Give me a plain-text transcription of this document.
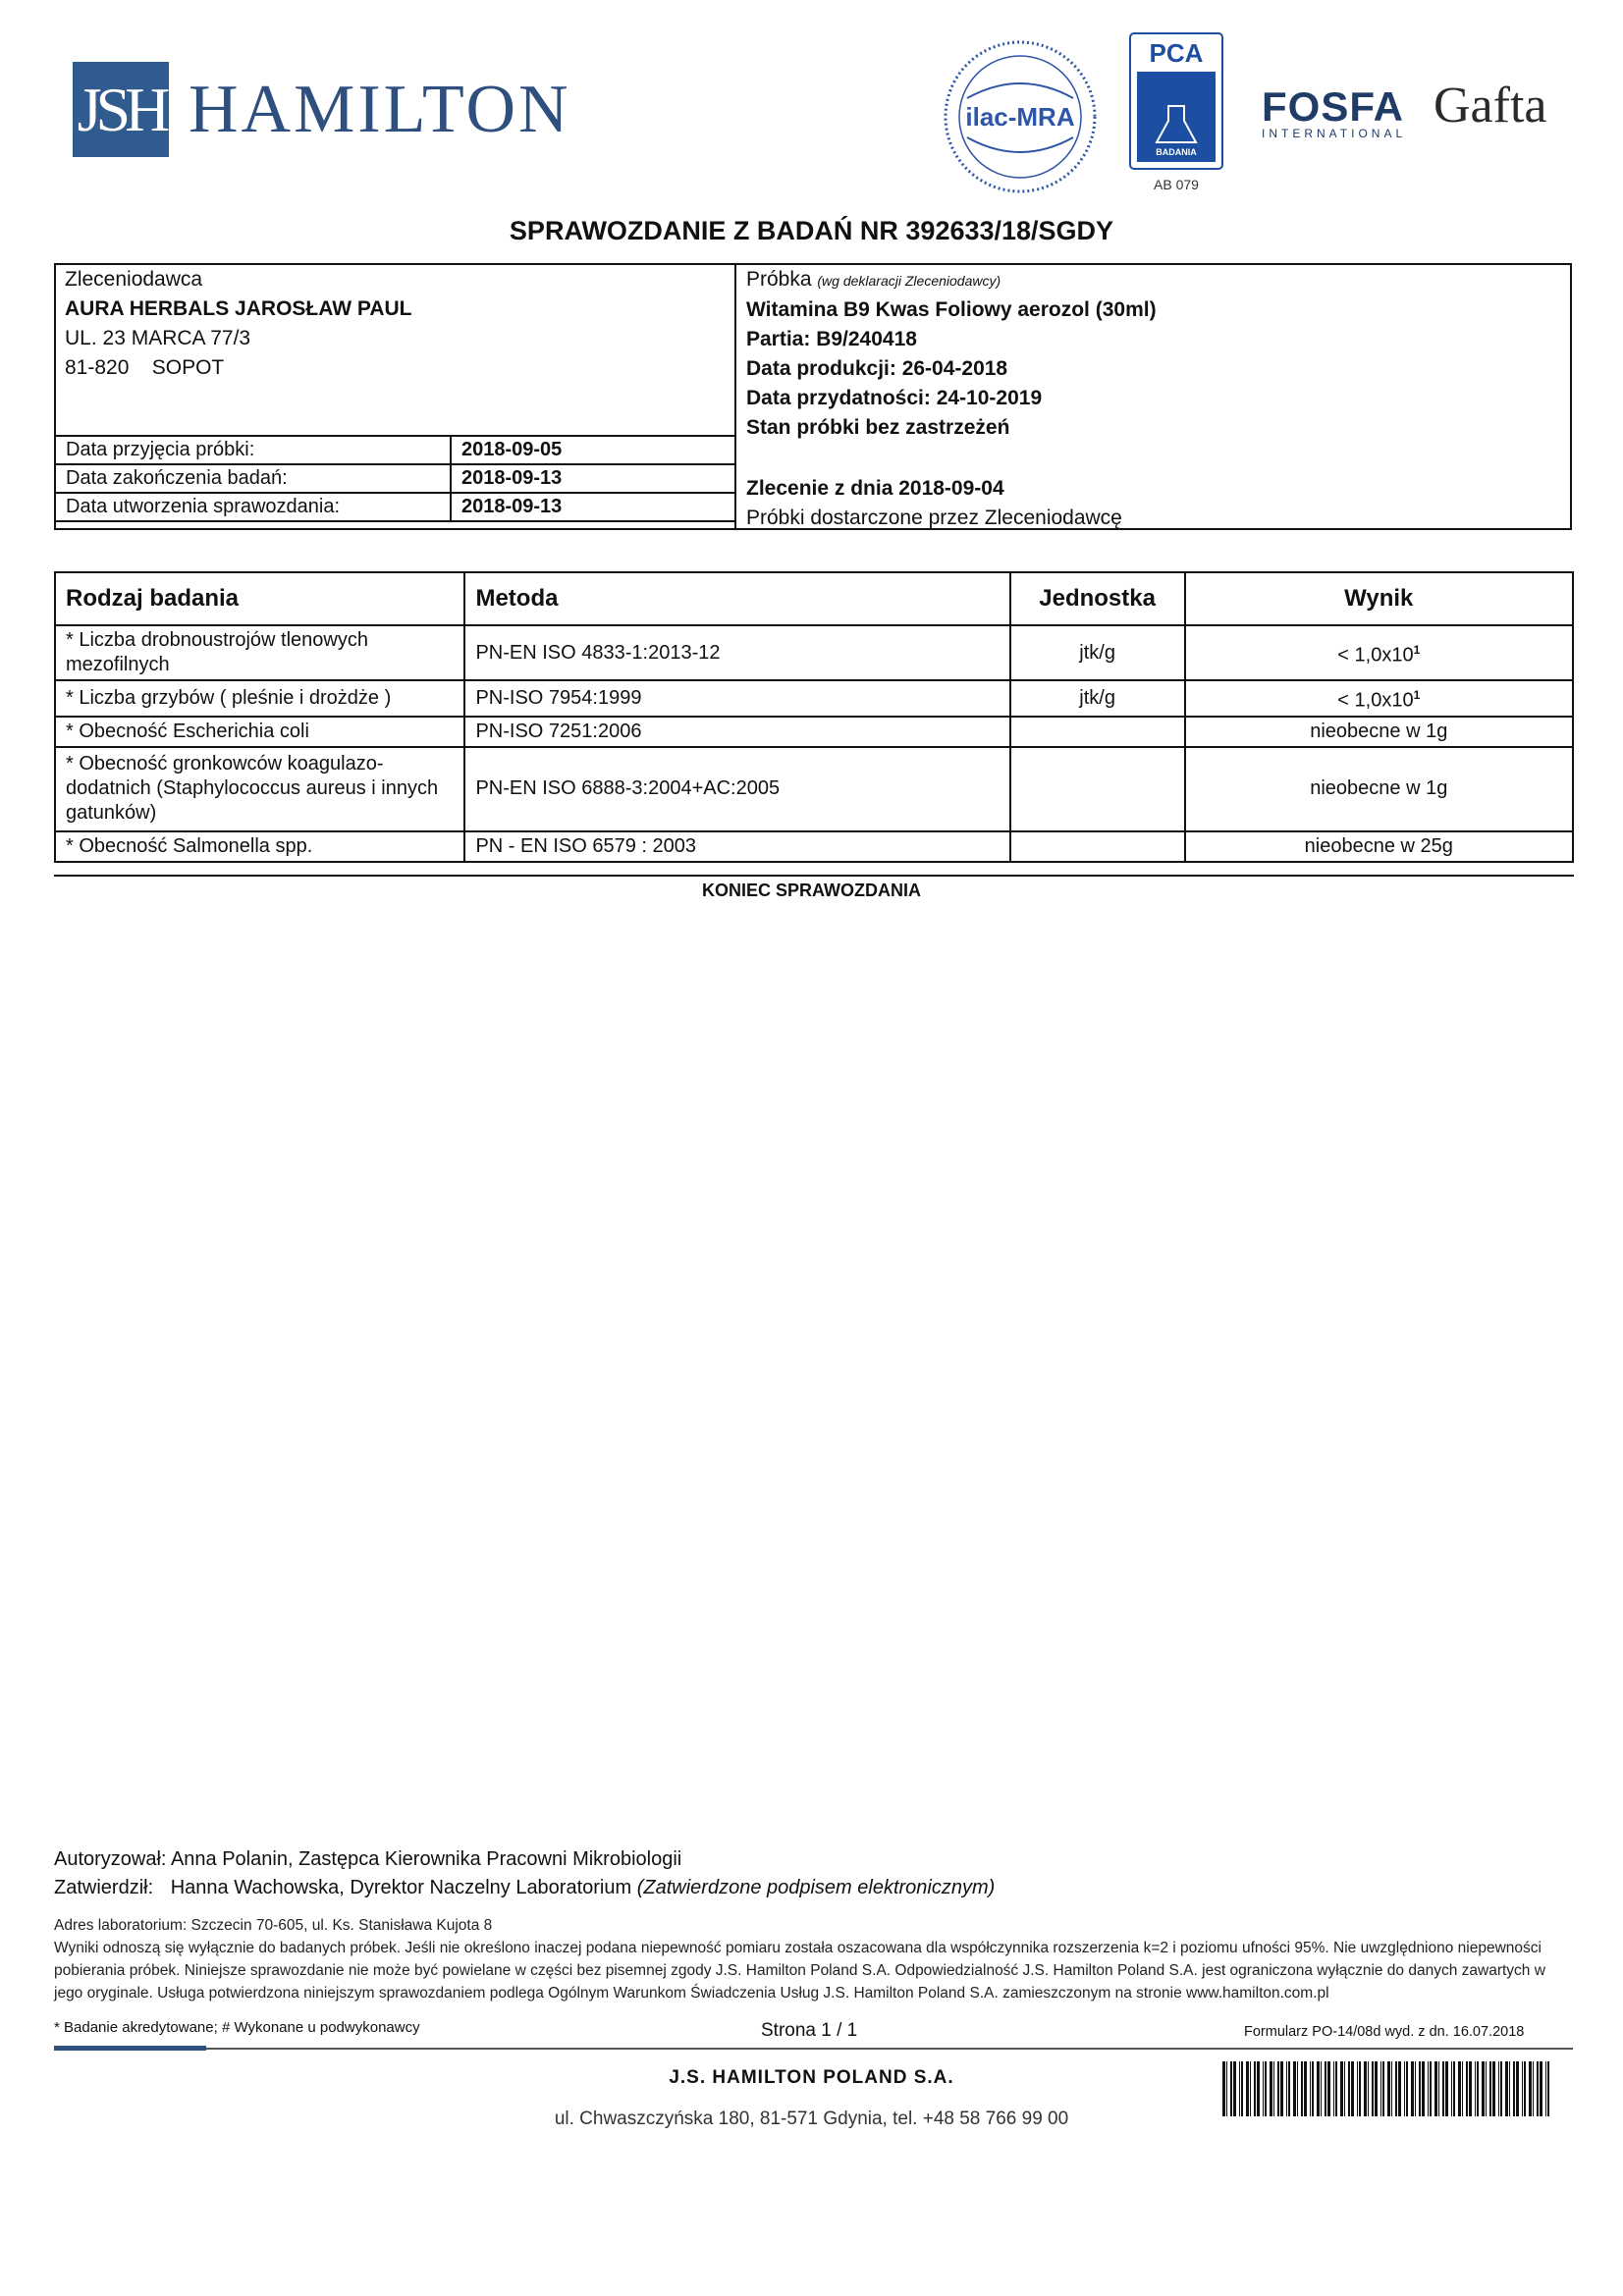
JSH HAMILTON	ilac-MRA
PCA
BADANIA
AB 079
FOSFA
INTERNATIONAL Gafta
SPRAWOZDANIE Z BADAŃ NR 392633/18/SGDY
Zleceniodawca
AURA HERBALS JAROSŁAW PAUL
UL. 23 MARCA 77/3
81-820    SOPOT
Data przyjęcia próbki:	2018-09-05
Data zakończenia badań:	2018-09-13
Data utworzenia sprawozdania:	2018-09-13
Próbka (wg deklaracji Zleceniodawcy)
Witamina B9 Kwas Foliowy aerozol (30ml)
Partia: B9/240418
Data produkcji: 26-04-2018
Data przydatności: 24-10-2019
Stan próbki bez zastrzeżeń
Zlecenie z dnia 2018-09-04
Próbki dostarczone przez Zleceniodawcę
Rodzaj badania	Metoda	Jednostka	Wynik
* Liczba drobnoustrojów tlenowych mezofilnych	PN-EN ISO 4833-1:2013-12	jtk/g	< $1,0x10^1$
* Liczba grzybów ( pleśnie i drożdże )	PN-ISO 7954:1999	jtk/g	< $1,0x10^1$
* Obecność Escherichia coli	PN-ISO 7251:2006		nieobecne w 1g
* Obecność gronkowców koagulazo-dodatnich (Staphylococcus aureus i innych gatunków)	PN-EN ISO 6888-3:2004+AC:2005		nieobecne w 1g
* Obecność Salmonella spp.	PN - EN ISO 6579 : 2003		nieobecne w 25g
KONIEC SPRAWOZDANIA
Autoryzował: Anna Polanin, Zastępca Kierownika Pracowni Mikrobiologii
Zatwierdził: Hanna Wachowska, Dyrektor Naczelny Laboratorium (Zatwierdzone podpisem elektronicznym)
Adres laboratorium: Szczecin 70-605, ul. Ks. Stanisława Kujota 8
Wyniki odnoszą się wyłącznie do badanych próbek. Jeśli nie określono inaczej podana niepewność pomiaru została oszacowana dla współczynnika rozszerzenia k=2 i poziomu ufności 95%. Nie uwzględniono niepewności pobierania próbek. Niniejsze sprawozdanie nie może być powielane w części bez pisemnej zgody J.S. Hamilton Poland S.A. Odpowiedzialność J.S. Hamilton Poland S.A. jest ograniczona wyłącznie do danych zawartych w jego oryginale. Usługa potwierdzona niniejszym sprawozdaniem podlega Ogólnym Warunkom Świadczenia Usług J.S. Hamilton Poland S.A. zamieszczonym na stronie www.hamilton.com.pl
* Badanie akredytowane; # Wykonane u podwykonawcy	Strona 1 / 1	Formularz PO-14/08d wyd. z dn. 16.07.2018
J.S. HAMILTON POLAND S.A.
ul. Chwaszczyńska 180, 81-571 Gdynia, tel. +48 58 766 99 00
